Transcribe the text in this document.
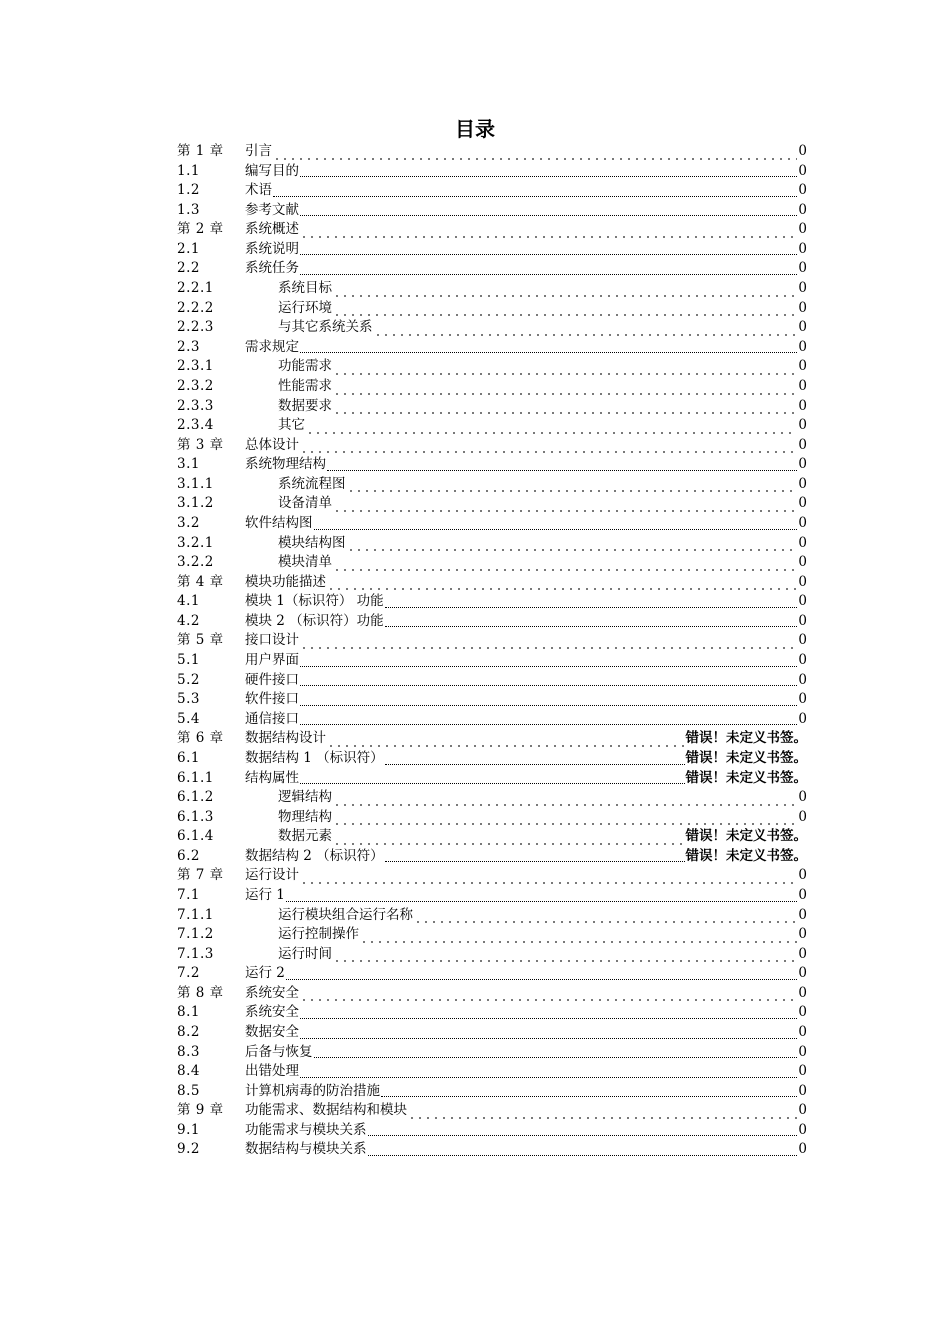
目录
第 1 章 引言	0
1.1	编写目的	0
1.2	术语	0
1.3	参考文献	0
第 2 章 系统概述	0
2.1	系统说明	0
2.2	系统任务	0
2.2.1	系统目标	0
2.2.2	运行环境	0
2.2.3	与其它系统关系	0
2.3	需求规定	0
2.3.1	功能需求	0
2.3.2	性能需求	0
2.3.3	数据要求	0
2.3.4	其它	0
第 3 章 总体设计	0
3.1	系统物理结构	0
3.1.1	系统流程图	0
3.1.2	设备清单	0
3.2	软件结构图	0
3.2.1	模块结构图	0
3.2.2	模块清单	0
第 4 章 模块功能描述	0
4.1	模块 1（标识符） 功能	0
4.2	模块 2 （标识符）功能	0
第 5 章 接口设计	0
5.1	用户界面	0
5.2	硬件接口	0
5.3	软件接口	0
5.4	通信接口	0
第 6 章 数据结构设计	错误！未定义书签。
6.1	数据结构 1 （标识符）	错误！未定义书签。
6.1.1 结构属性	错误！未定义书签。
6.1.2	逻辑结构	0
6.1.3	物理结构	0
6.1.4	数据元素	错误！未定义书签。
6.2	数据结构 2 （标识符）	错误！未定义书签。
第 7 章 运行设计	0
7.1	运行 1	0
7.1.1	运行模块组合运行名称	0
7.1.2	运行控制操作	0
7.1.3	运行时间	0
7.2	运行 2	0
第 8 章 系统安全	0
8.1	系统安全	0
8.2	数据安全	0
8.3	后备与恢复	0
8.4	出错处理	0
8.5	计算机病毒的防治措施	0
第 9 章 功能需求、数据结构和模块	0
9.1	功能需求与模块关系	0
9.2	数据结构与模块关系	0
